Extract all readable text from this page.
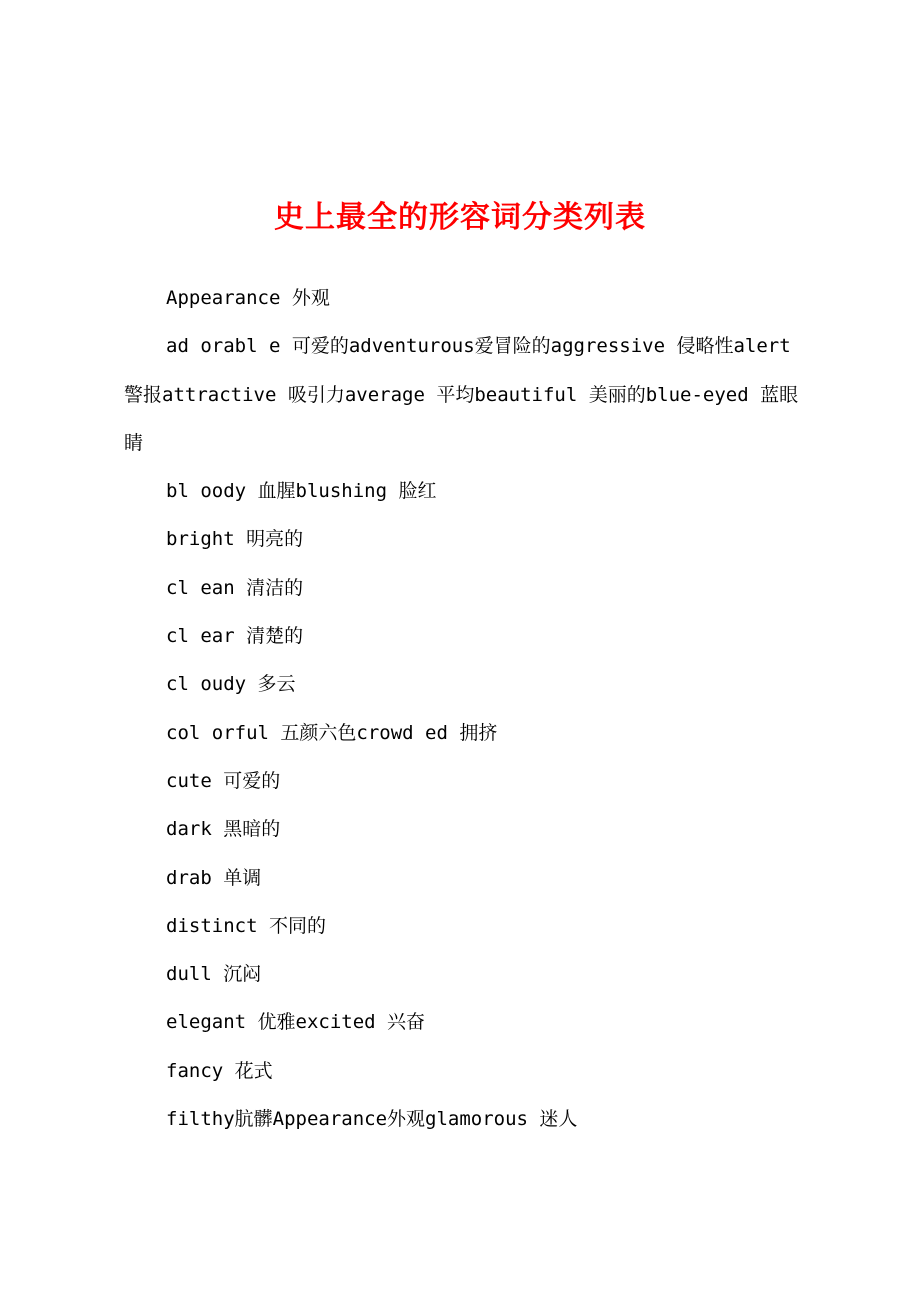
史上最全的形容词分类列表

Appearance 外观

ad orabl e 可爱的adventurous爱冒险的aggressive 侵略性alert警报attractive 吸引力average 平均beautiful 美丽的blue-eyed 蓝眼睛

bl oody 血腥blushing 脸红

bright 明亮的

cl ean 清洁的

cl ear 清楚的

cl oudy 多云

col orful 五颜六色crowd ed 拥挤

cute 可爱的

dark 黑暗的

drab 单调

distinct 不同的

dull 沉闷

elegant 优雅excited 兴奋

fancy 花式

filthy肮髒Appearance外观glamorous 迷人
